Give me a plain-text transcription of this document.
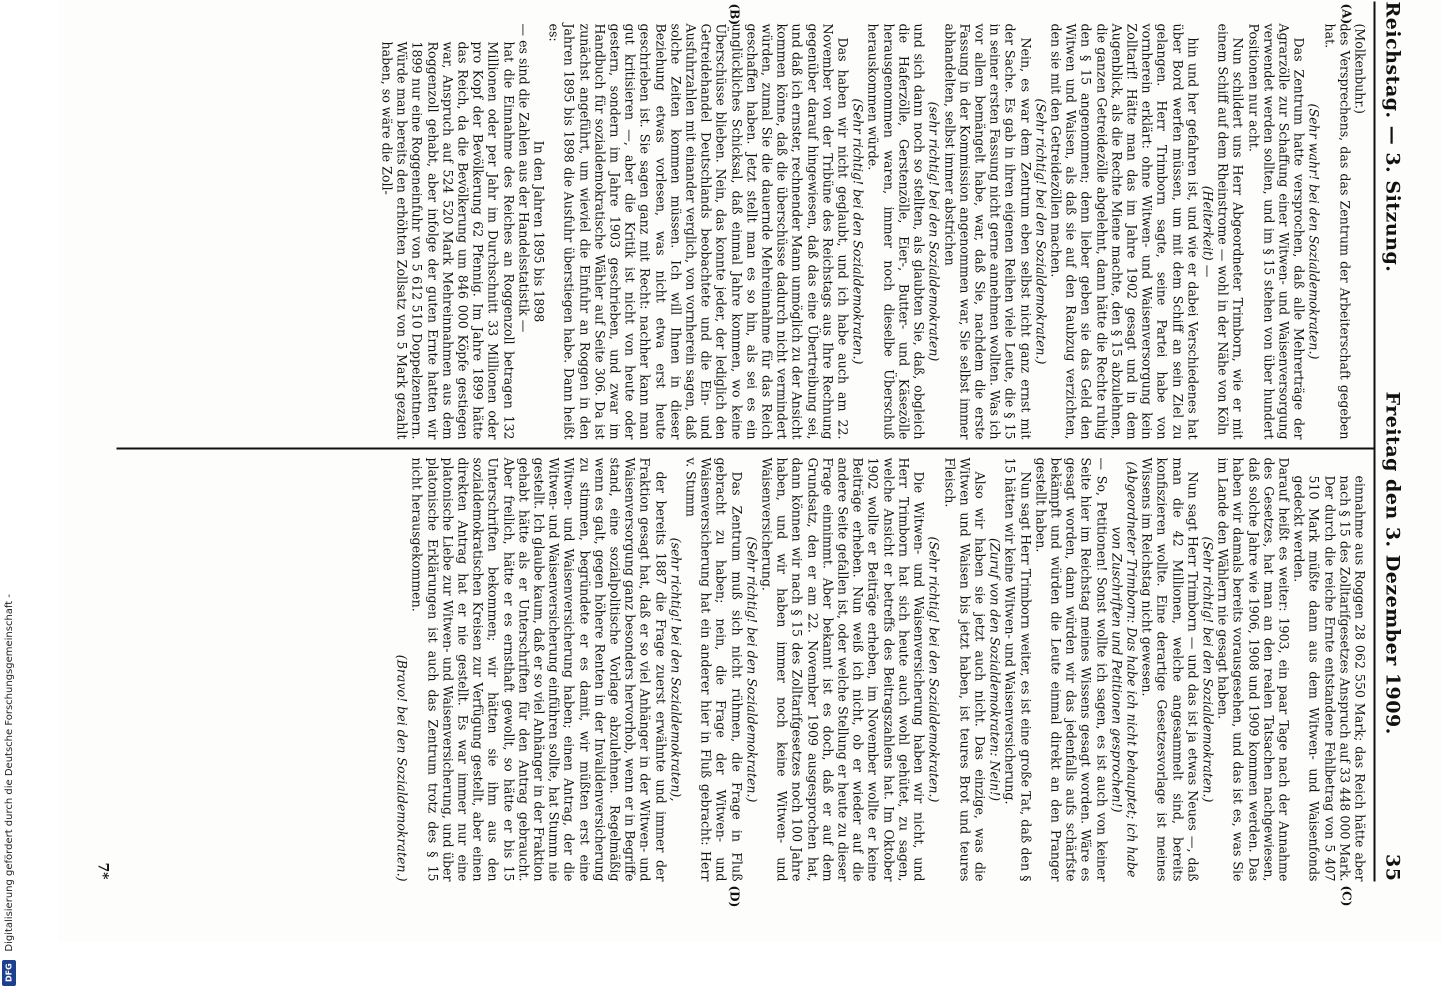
Digitalisierung gefördert durch die Deutsche Forschungsgemeinschaft -
DFG
Reichstag. — 3. Sitzung.
Freitag den 3. Dezember 1909.
35
(A)
(B)
(C)
(D)

(Molkenbuhr.)

des Versprechens, das das Zentrum der Arbeiterschaft gegeben hat.

(Sehr wahr! bei den Sozialdemokraten.)

Das Zentrum hatte versprochen, daß alle Mehrerträge der Agrarzölle zur Schaffung einer Witwen- und Waisenversorgung verwendet werden sollten, und im § 15 stehen von über hundert Positionen nur acht.

Nun schildert uns Herr Abgeordneter Trimborn, wie er mit einem Schiff auf dem Rheinstrome — wohl in der Nähe von Köln

(Heiterkeit) —

hin und her gefahren ist, und wie er dabei Verschiedenes hat über Bord werfen müssen, um mit dem Schiff an sein Ziel zu gelangen. Herr Trimborn sagte, seine Partei habe von vornherein erklärt: ohne Witwen- und Waisenversorgung kein Zolltarif! Hätte man das im Jahre 1902 gesagt und in dem Augenblick, als die Rechte Miene machte, den § 15 abzulehnen, die ganzen Getreidezölle abgelehnt, dann hätte die Rechte ruhig den § 15 angenommen; denn lieber geben sie das Geld den Witwen und Waisen, als daß sie auf den Raubzug verzichten, den sie mit den Getreidezöllen machen.

(Sehr richtig! bei den Sozialdemokraten.)

Nein, es war dem Zentrum eben selbst nicht ganz ernst mit der Sache. Es gab in ihren eigenen Reihen viele Leute, die § 15 in seiner ersten Fassung nicht gerne annehmen wollten. Was ich vor allem bemängelt habe, war, daß Sie, nachdem die erste Fassung in der Kommission angenommen war, Sie selbst immer abhandelten, selbst immer abstrichen

(sehr richtig! bei den Sozialdemokraten)

und sich dann noch so stellten, als glaubten Sie, daß, obgleich die Haferzölle, Gerstenzölle, Eier-, Butter- und Käsezölle herausgenommen waren, immer noch dieselbe Überschuß herauskommen würde.

(Sehr richtig! bei den Sozialdemokraten.)

Das haben wir nicht geglaubt, und ich habe auch am 22. November von der Tribüne des Reichstags aus Ihre Rechnung gegenüber darauf hingewiesen, daß das eine Übertreibung sei, und daß ich ernster, rechnender Mann unmöglich zu der Ansicht kommen könne, daß die überschüsse dadurch nicht vermindert würden, zumal Sie die dauernde Mehreinnahme für das Reich geschaffen haben. Jetzt stellt man es so hin, als sei es ein unglückliches Schicksal, daß einmal Jahre kommen, wo keine Überschüsse blieben. Nein, das konnte jeder, der lediglich den Getreidehandel Deutschlands beobachtete und die Ein- und Ausfuhrzahlen mit einander verglich, von vornherein sagen, daß solche Zeiten kommen müssen. Ich will Ihnen in dieser Beziehung etwas vorlesen, was nicht etwa erst heute geschrieben ist. Sie sagen ganz mit Recht: nachher kann man gut kritisieren —, aber die Kritik ist nicht von heute oder gestern, sondern im Jahre 1903 geschrieben, und zwar im Handbuch für sozialdemokratische Wähler auf Seite 306. Da ist zunächst angeführt, um wieviel die Einfuhr an Roggen in den Jahren 1895 bis 1898 die Ausfuhr überstiegen habe. Dann heißt es:

In den Jahren 1895 bis 1898

— es sind die Zahlen aus der Handelsstatistik —

hat die Einnahme des Reiches an Roggenzoll betragen 132 Millionen oder per Jahr im Durchschnitt 33 Millionen oder pro Kopf der Bevölkerung 62 Pfennig. Im Jahre 1899 hätte das Reich, da die Bevölkerung um 846 000 Köpfe gestiegen war, Anspruch auf 524 520 Mark Mehreinnahmen aus dem Roggenzoll gehabt, aber infolge der guten Ernte hatten wir 1899 nur eine Roggeneinfuhr von 5 612 510 Doppelzentnern. Würde man bereits den erhöhten Zollsatz von 5 Mark gezahlt haben, so wäre die Zoll-

einnahme aus Roggen 28 062 550 Mark; das Reich hätte aber nach § 15 des Zolltarifgesetzes Anspruch auf 33 448 000 Mark. Der durch die reiche Ernte entstandene Fehlbetrag von 5 407 510 Mark müßte dann aus dem Witwen- und Waisenfonds gedeckt werden.

Darauf heißt es weiter: 1903, ein paar Tage nach der Annahme des Gesetzes, hat man an den realen Tatsachen nachgewiesen, daß solche Jahre wie 1906, 1908 und 1909 kommen werden. Das haben wir damals bereits vorausgesehen, und das ist es, was Sie im Lande den Wählern nie gesagt haben.

(Sehr richtig! bei den Sozialdemokraten.)

Nun sagt Herr Trimborn — und das ist ja etwas Neues —, daß man die 42 Millionen, welche angesammelt sind, bereits konfiszieren wollte. Eine derartige Gesetzesvorlage ist meines Wissens im Reichstag nicht gewesen.

(Abgeordneter Trimborn: Das habe ich nicht behauptet; ich habe von Zuschriften und Petitionen gesprochen!)

— So, Petitionen! Sonst wollte ich sagen, es ist auch von keiner Seite hier im Reichstag meines Wissens gesagt worden. Wäre es gesagt worden, dann würden wir das jedenfalls aufs schärfste bekämpft und würden die Leute einmal direkt an den Pranger gestellt haben.

Nun sagt Herr Trimborn weiter, es ist eine große Tat, daß den § 15 hätten wir keine Witwen- und Waisenversicherung.

(Zuruf von den Sozialdemokraten: Nein!)

Also wir haben sie jetzt auch nicht. Das einzige, was die Witwen und Waisen bis jetzt haben, ist teures Brot und teures Fleisch.

(Sehr richtig! bei den Sozialdemokraten.)

Die Witwen- und Waisenversicherung haben wir nicht, und Herr Trimborn hat sich heute auch wohl gehütet, zu sagen, welche Ansicht er betreffs des Beitragszahlens hat. Im Oktober 1902 wollte er Beiträge erheben, im November wollte er keine Beiträge erheben. Nun weiß ich nicht, ob er wieder auf die andere Seite gefallen ist, oder welche Stellung er heute zu dieser Frage einnimmt. Aber bekannt ist es doch, daß er auf dem Grundsatz, den er am 22. November 1909 ausgesprochen hat, dann können wir nach § 15 des Zolltarifgesetzes noch 100 Jahre haben, und wir haben immer noch keine Witwen- und Waisenversicherung.

(Sehr richtig! bei den Sozialdemokraten.)

Das Zentrum muß sich nicht rühmen, die Frage in Fluß gebracht zu haben; nein, die Frage der Witwen- und Waisenversicherung hat ein anderer hier in Fluß gebracht: Herr v. Stumm

(sehr richtig! bei den Sozialdemokraten),

der bereits 1887 die Frage zuerst erwähnte und immer der Fraktion gesagt hat, daß er so viel Anhänger in der Witwen- und Waisenversorgung ganz besonders hervorhob, wenn er in Begriffe stand, eine sozialpolitische Vorlage abzulehnen. Regelmäßig wenn es galt, gegen höhere Renten in der Invalidenversicherung zu stimmen, begründete er es damit, wir müßten erst eine Witwen- und Waisenversicherung haben; einen Antrag, der die Witwen- und Waisenversicherung einführen sollte, hat Stumm nie gestellt. Ich glaube kaum, daß er so viel Anhänger in der Fraktion gehabt hätte als er Unterschriften für den Antrag gebraucht. Aber freilich, hätte er es ernsthaft gewollt, so hätte er bis 15 Unterschriften bekommen; wir hätten sie ihm aus den sozialdemokratischen Kreisen zur Verfügung gestellt, aber einen direkten Antrag hat er nie gestellt. Es war immer nur eine platonische Liebe zur Witwen- und Waisenversicherung, und über platonische Erklärungen ist auch das Zentrum trotz des § 15 nicht herausgekommen.

(Bravo! bei den Sozialdemokraten.)

7*
